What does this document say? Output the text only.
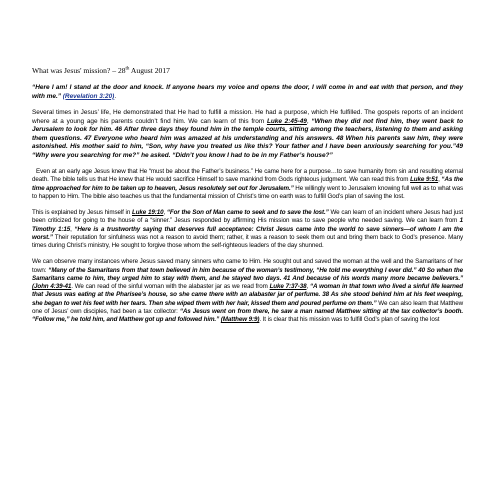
What was Jesus' mission? – 28th August 2017

“Here I am! I stand at the door and knock. If anyone hears my voice and opens the door, I will come in and eat with that person, and they with me.” (Revelation 3:20).

Several times in Jesus’ life, He demonstrated that He had to fulfill a mission. He had a purpose, which He fulfilled. The gospels reports of an incident where at a young age his parents couldn’t find him. We can learn of this from Luke 2:45-49, “When they did not find him, they went back to Jerusalem to look for him. 46 After three days they found him in the temple courts, sitting among the teachers, listening to them and asking them questions. 47 Everyone who heard him was amazed at his understanding and his answers. 48 When his parents saw him, they were astonished. His mother said to him, “Son, why have you treated us like this? Your father and I have been anxiously searching for you.”49 “Why were you searching for me?” he asked. “Didn’t you know I had to be in my Father’s house?”

Even at an early age Jesus knew that He “must be about the Father’s business.” He came here for a purpose…to save humanity from sin and resulting eternal death. The bible tells us that He knew that He would sacrifice Himself to save mankind from Gods righteous judgment. We can read this from Luke 9:51, “As the time approached for him to be taken up to heaven, Jesus resolutely set out for Jerusalem.” He willingly went to Jerusalem knowing full well as to what was to happen to Him. The bible also teaches us that the fundamental mission of Christ’s time on earth was to fulfill God’s plan of saving the lost.

This is explained by Jesus himself in Luke 19:10, “For the Son of Man came to seek and to save the lost.” We can learn of an incident where Jesus had just been criticized for going to the house of a “sinner.” Jesus responded by affirming His mission was to save people who needed saving. We can learn from 1 Timothy 1:15, “Here is a trustworthy saying that deserves full acceptance: Christ Jesus came into the world to save sinners—of whom I am the worst.” Their reputation for sinfulness was not a reason to avoid them; rather, it was a reason to seek them out and bring them back to God’s presence. Many times during Christ’s ministry, He sought to forgive those whom the self-righteous leaders of the day shunned.

We can observe many instances where Jesus saved many sinners who came to Him. He sought out and saved the woman at the well and the Samaritans of her town: “Many of the Samaritans from that town believed in him because of the woman’s testimony, “He told me everything I ever did.” 40 So when the Samaritans came to him, they urged him to stay with them, and he stayed two days. 41 And because of his words many more became believers.” (John 4:39-41. We can read of the sinful woman with the alabaster jar as we read from Luke 7:37-38, “A woman in that town who lived a sinful life learned that Jesus was eating at the Pharisee’s house, so she came there with an alabaster jar of perfume. 38 As she stood behind him at his feet weeping, she began to wet his feet with her tears. Then she wiped them with her hair, kissed them and poured perfume on them.” We can also learn that Matthew one of Jesus’ own disciples, had been a tax collector: “As Jesus went on from there, he saw a man named Matthew sitting at the tax collector’s booth. “Follow me,” he told him, and Matthew got up and followed him.” (Matthew 9:9). It is clear that his mission was to fulfill God’s plan of saving the lost
